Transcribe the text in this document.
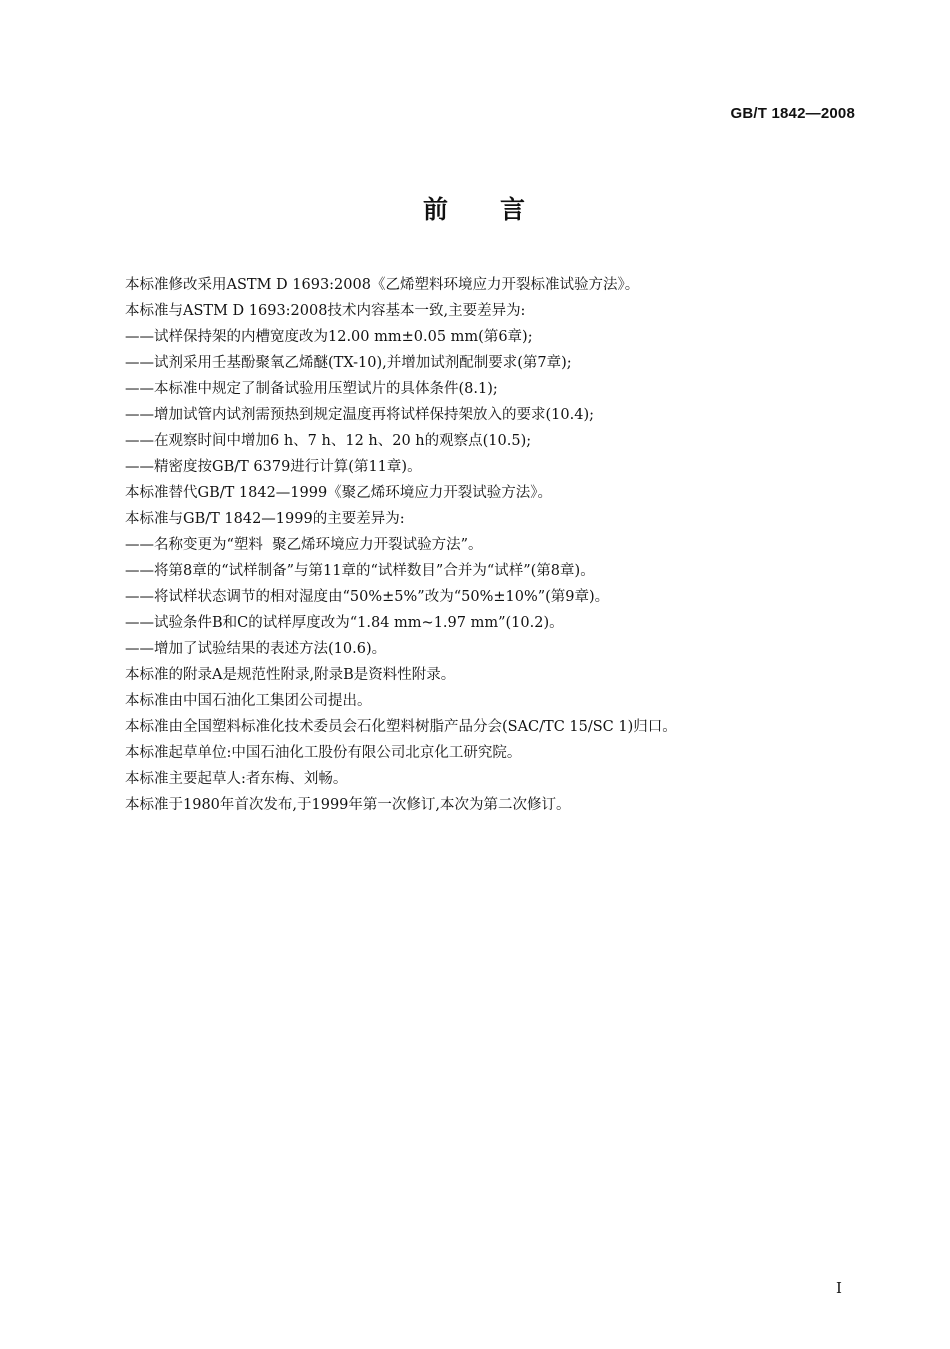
GB/T 1842—2008
前 言
本标准修改采用ASTM D 1693:2008《乙烯塑料环境应力开裂标准试验方法》。
本标准与ASTM D 1693:2008技术内容基本一致,主要差异为:
——试样保持架的内槽宽度改为12.00 mm±0.05 mm(第6章);
——试剂采用壬基酚聚氧乙烯醚(TX-10),并增加试剂配制要求(第7章);
——本标准中规定了制备试验用压塑试片的具体条件(8.1);
——增加试管内试剂需预热到规定温度再将试样保持架放入的要求(10.4);
——在观察时间中增加6 h、7 h、12 h、20 h的观察点(10.5);
——精密度按GB/T 6379进行计算(第11章)。
本标准替代GB/T 1842—1999《聚乙烯环境应力开裂试验方法》。
本标准与GB/T 1842—1999的主要差异为:
——名称变更为“塑料  聚乙烯环境应力开裂试验方法”。
——将第8章的“试样制备”与第11章的“试样数目”合并为“试样”(第8章)。
——将试样状态调节的相对湿度由“50%±5%”改为“50%±10%”(第9章)。
——试验条件B和C的试样厚度改为“1.84 mm~1.97 mm”(10.2)。
——增加了试验结果的表述方法(10.6)。
本标准的附录A是规范性附录,附录B是资料性附录。
本标准由中国石油化工集团公司提出。
本标准由全国塑料标准化技术委员会石化塑料树脂产品分会(SAC/TC 15/SC 1)归口。
本标准起草单位:中国石油化工股份有限公司北京化工研究院。
本标准主要起草人:者东梅、刘畅。
本标准于1980年首次发布,于1999年第一次修订,本次为第二次修订。
I
